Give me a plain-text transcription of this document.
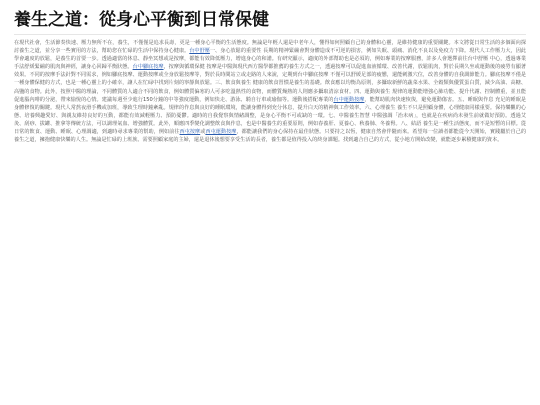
養生之道：從身心平衡到日常保健

在現代社會，生活節奏快速、壓力無所不在，養生，不僅僅是追求長壽，更是一種身心平衡的生活態度。無論是年輕人還是中老年人，懂得如何照顧自己的身體和心靈，是維持健康的重要關鍵。本文將從日常生活的多個面向探討養生之道，並分享一些實用的方法，幫助您在忙碌的生活中保持身心健康。台中舒壓一、身心放鬆的重要性 長期的精神緊繃會對身體造成不可逆的損害，例如失眠、頭痛、消化不良以及免疫力下降。現代人工作壓力大，因此學會適度的放鬆，是養生的首要一步。透過適當的休息、靜坐冥想或是按摩，都能有效降低壓力，增進身心的和諧。有研究顯示，適度的外部幫助也是必須的，例如專業的按摩服務，許多人會選擇前往台中舒壓 中心，透過專業手法舒緩緊繃的肌肉與神經，讓身心回歸平衡狀態。台中腳底按摩，按摩與循環保健 按摩是中醫與現代西方醫學都推薦的養生方式之一，透過按摩可以促進血液循環、改善代謝，放鬆肌肉，對於長期久坐或運動後的疲勞有顯著效果。不同的按摩手法針對不同需求，例如腳底按摩、運動按摩或全身放鬆按摩等，對於長時間站立或走路的人來說，定期到台中腳底按摩 不僅可以舒緩足部的疲憊，還能刺激穴位，改善身體的自我調節能力。腳底按摩不僅是一種身體保健的方式，也是一種心靈上的小確幸，讓人在忙碌中找到片刻的寧靜與放鬆。三、飲食與養生 健康的飲食習慣是養生的基礎。飲食應以均衡為原則，多攝取新鮮的蔬菜水果、全穀類與優質蛋白質，減少高油、高糖、高鹽的食物。此外，按照中醫的理論，不同體質的人適合不同的飲食，例如體質偏寒的人可多吃溫熱性的食物，而體質燥熱的人則應多攝取清涼食材。四、運動與養生 規律的運動能增強心肺功能、提升代謝、控制體重，並且能促進腦內啡的分泌，帶來愉悅的心情。建議每週至少進行150分鐘的中等強度運動，例如快走、游泳、騎自行車或瑜伽等。運動後搭配專業的台中運動按摩，能幫助肌肉快速恢復，避免運動傷害。五、睡眠與作息 充足的睡眠是身體修復的關鍵。現代人常熬夜滑手機或加班，導致生理時鐘紊亂。規律的作息與良好的睡眠環境，能讓身體得到充分休息，提升白天的精神與工作效率。六、心理養生 養生不只是照顧身體，心理健康同樣重要。保持樂觀的心態、培養興趣愛好、與親友維持良好的互動，都能有效減輕壓力、預防憂鬱。適時的自我覺察與情緒調整，是身心平衡不可或缺的一環。七、中醫養生智慧 中醫強調「治未病」，也就是在疾病尚未發生前就做好預防。透過艾灸、刮痧、拔罐、推拿等傳統方法，可以調理氣血、增強體質。此外，順應四季變化調整飲食與作息，也是中醫養生的重要原則，例如春養肝、夏養心、秋養肺、冬養腎。八、結語 養生是一種生活態度，而不是短暫的目標。從日常的飲食、運動、睡眠、心理調適，到適時尋求專業的幫助，例如前往西屯按摩或西屯運動按摩，都能讓我們的身心保持在最佳狀態。只要持之以恆，健康自然會伴隨而來。希望每一位讀者都能從今天開始，實踐屬於自己的養生之道，擁抱健康快樂的人生。無論是忙碌的上班族、需要照顧家庭的主婦，還是退休後想要享受生活的長者，養生都是值得投入的終身課題。找到適合自己的方式，從小地方開始改變，就能逐步累積健康的資本。
